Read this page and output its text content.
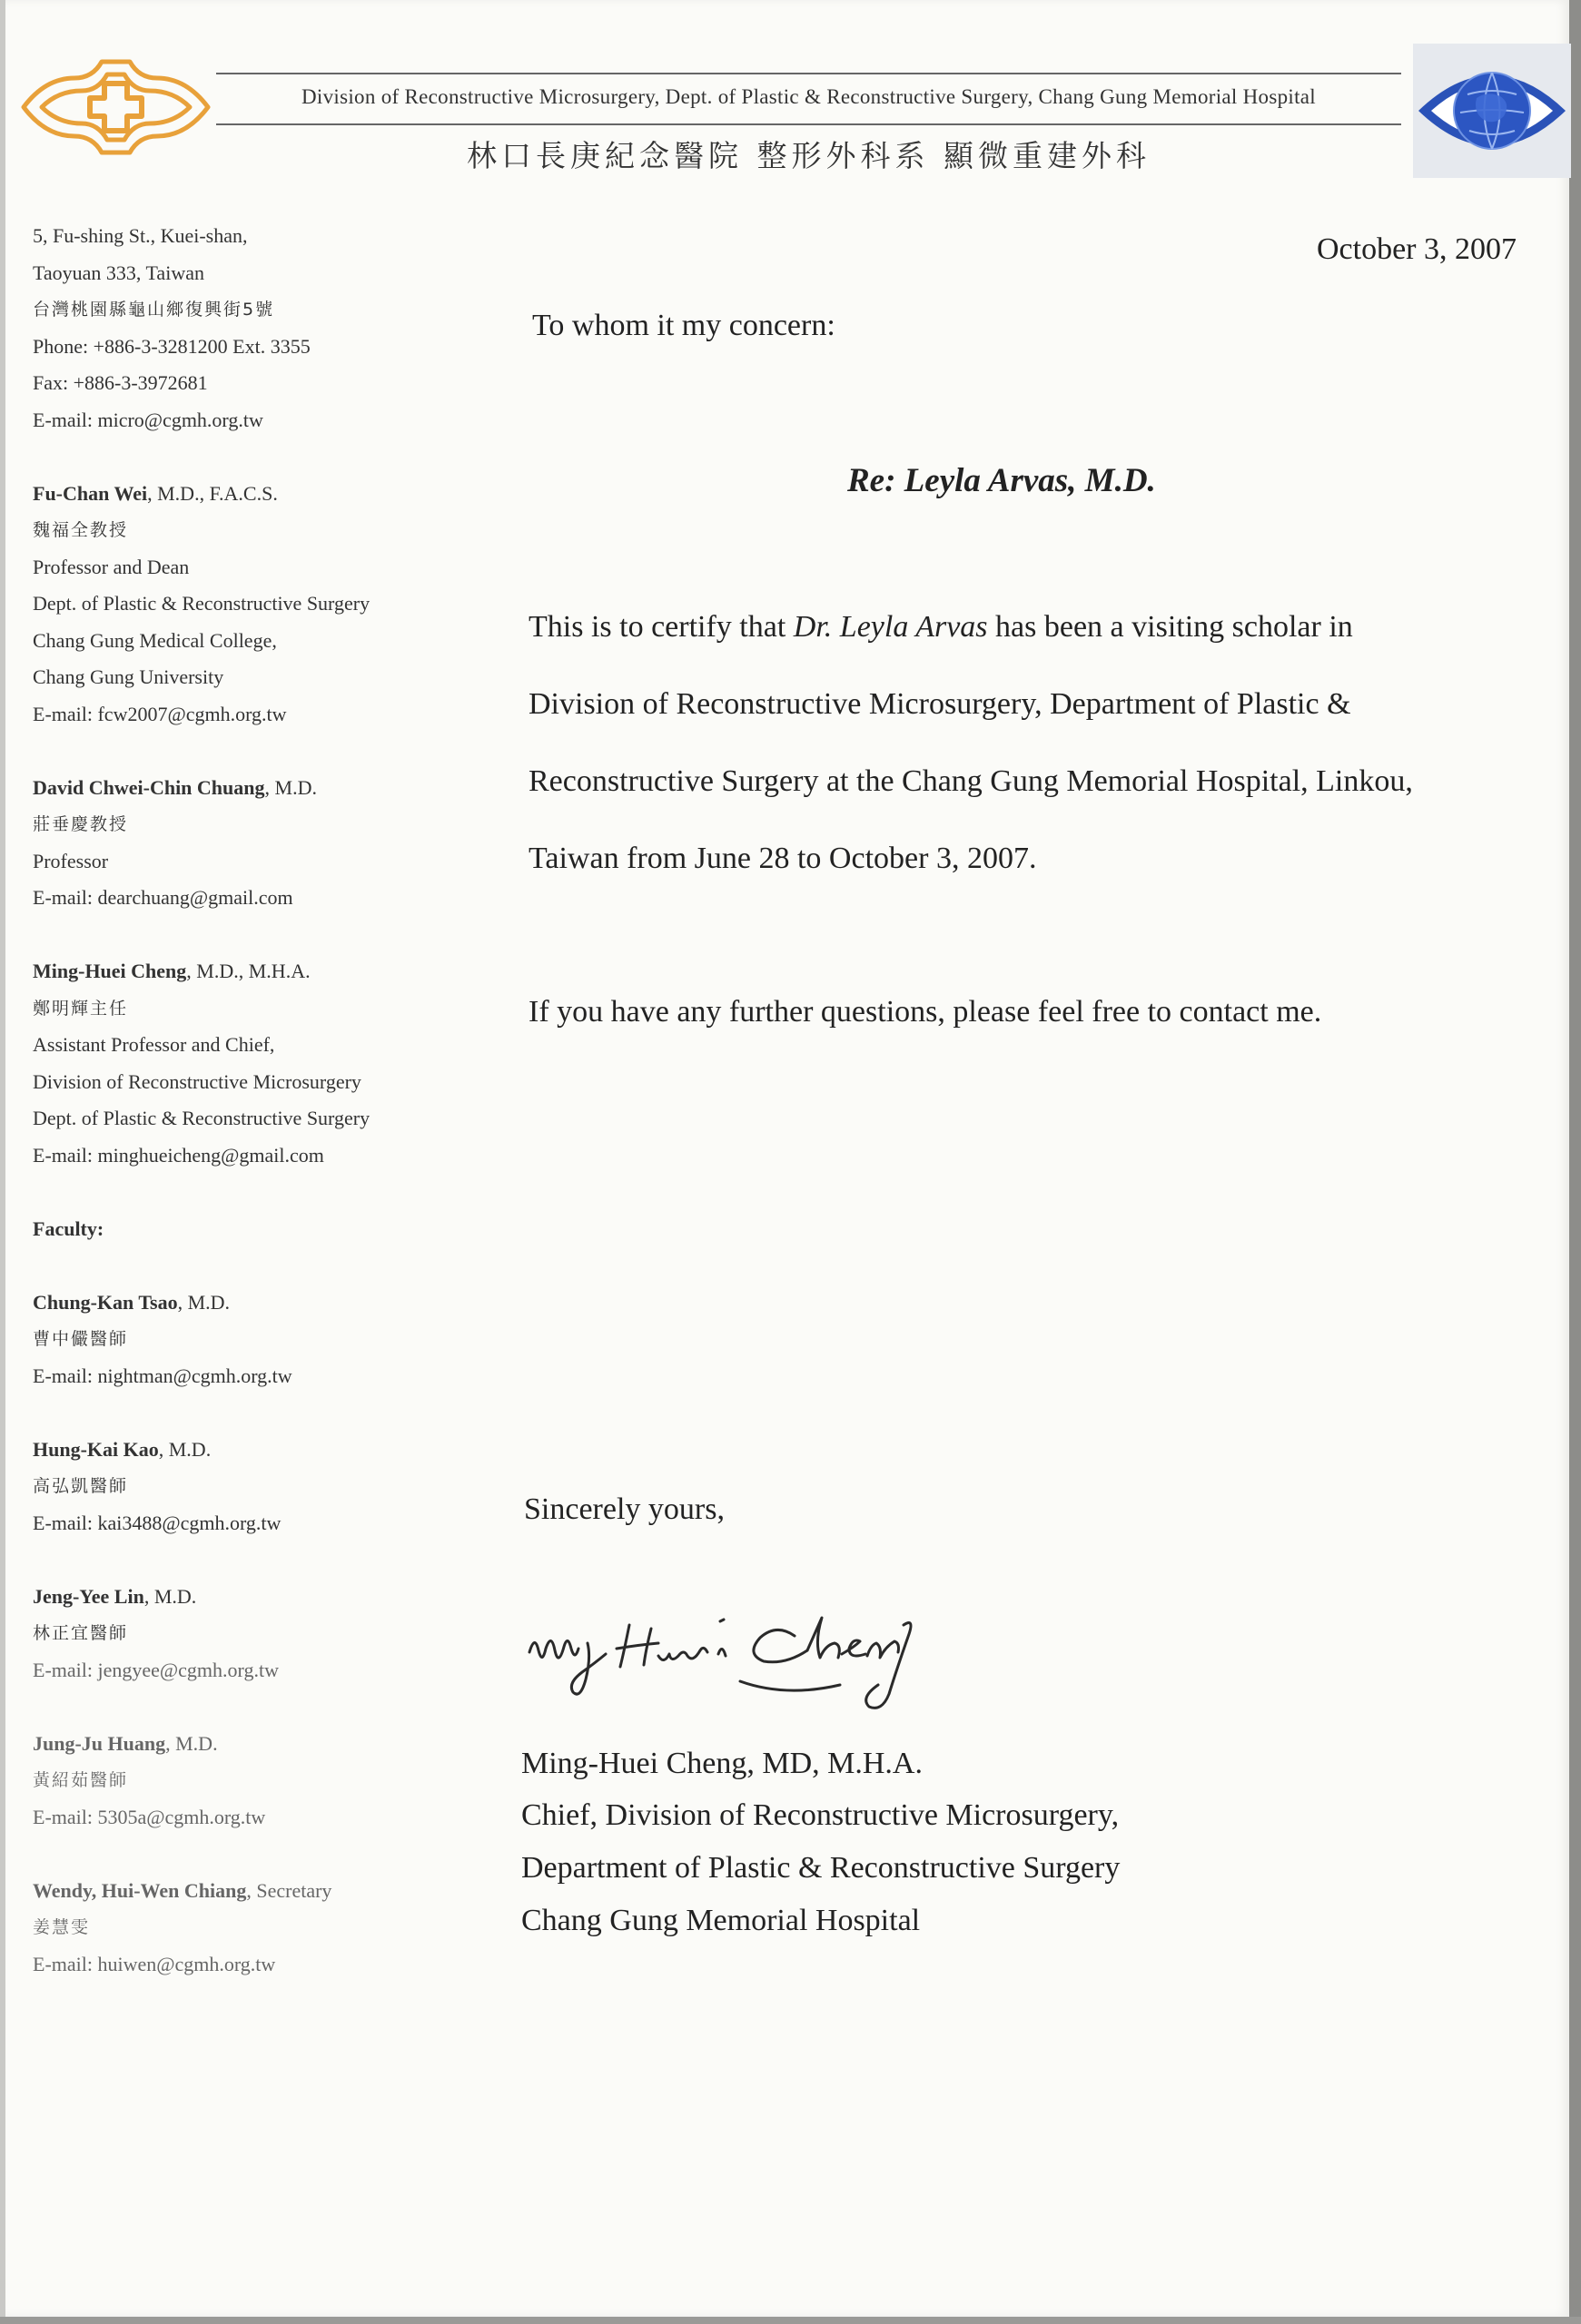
Division of Reconstructive Microsurgery, Dept. of Plastic & Reconstructive Surgery, Chang Gung Memorial Hospital
林口長庚紀念醫院 整形外科系 顯微重建外科
5, Fu-shing St., Kuei-shan,
Taoyuan 333, Taiwan
台灣桃園縣龜山鄉復興街5號
Phone: +886-3-3281200 Ext. 3355
Fax: +886-3-3972681
E-mail: micro@cgmh.org.tw
Fu-Chan Wei, M.D., F.A.C.S.
魏福全教授
Professor and Dean
Dept. of Plastic & Reconstructive Surgery
Chang Gung Medical College,
Chang Gung University
E-mail: fcw2007@cgmh.org.tw
David Chwei-Chin Chuang, M.D.
莊垂慶教授
Professor
E-mail: dearchuang@gmail.com
Ming-Huei Cheng, M.D., M.H.A.
鄭明輝主任
Assistant Professor and Chief,
Division of Reconstructive Microsurgery
Dept. of Plastic & Reconstructive Surgery
E-mail: minghueicheng@gmail.com
Faculty:
Chung-Kan Tsao, M.D.
曹中儼醫師
E-mail: nightman@cgmh.org.tw
Hung-Kai Kao, M.D.
高弘凱醫師
E-mail: kai3488@cgmh.org.tw
Jeng-Yee Lin, M.D.
林正宜醫師
E-mail: jengyee@cgmh.org.tw
Jung-Ju Huang, M.D.
黃紹茹醫師
E-mail: 5305a@cgmh.org.tw
Wendy, Hui-Wen Chiang, Secretary
姜慧雯
E-mail: huiwen@cgmh.org.tw
October 3, 2007
To whom it my concern:
Re: Leyla Arvas, M.D.
This is to certify that Dr. Leyla Arvas has been a visiting scholar in
Division of Reconstructive Microsurgery, Department of Plastic &
Reconstructive Surgery at the Chang Gung Memorial Hospital, Linkou,
Taiwan from June 28 to October 3, 2007.
If you have any further questions, please feel free to contact me.
Sincerely yours,
Ming-Huei Cheng, MD, M.H.A.
Chief, Division of Reconstructive Microsurgery,
Department of Plastic & Reconstructive Surgery
Chang Gung Memorial Hospital
